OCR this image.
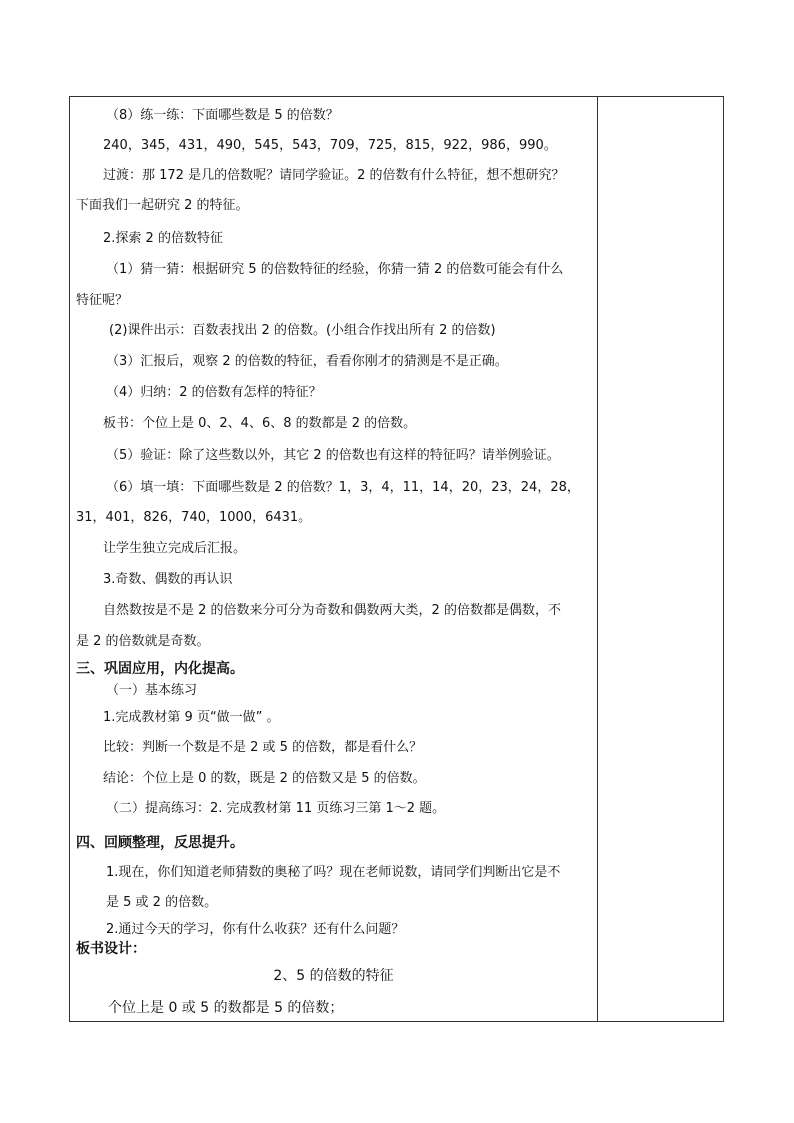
（8）练一练：下面哪些数是 5 的倍数？
240，345，431，490，545，543，709，725，815，922，986，990。
过渡：那 172 是几的倍数呢？请同学验证。2 的倍数有什么特征，想不想研究？
下面我们一起研究 2 的特征。
2.探索 2 的倍数特征
（1）猜一猜：根据研究 5 的倍数特征的经验，你猜一猜 2 的倍数可能会有什么
特征呢？
(2)课件出示：百数表找出 2 的倍数。(小组合作找出所有 2 的倍数)
（3）汇报后，观察 2 的倍数的特征，看看你刚才的猜测是不是正确。
（4）归纳：2 的倍数有怎样的特征？
板书：个位上是 0、2、4、6、8 的数都是 2 的倍数。
（5）验证：除了这些数以外，其它 2 的倍数也有这样的特征吗？请举例验证。
（6）填一填：下面哪些数是 2 的倍数？1，3，4，11，14，20，23，24，28，
31，401，826，740，1000，6431。
让学生独立完成后汇报。
3.奇数、偶数的再认识
自然数按是不是 2 的倍数来分可分为奇数和偶数两大类，2 的倍数都是偶数，不
是 2 的倍数就是奇数。
三、巩固应用，内化提高。
（一）基本练习
1.完成教材第 9 页“做一做” 。
比较：判断一个数是不是 2 或 5 的倍数，都是看什么？
结论：个位上是 0 的数，既是 2 的倍数又是 5 的倍数。
（二）提高练习：2. 完成教材第 11 页练习三第 1～2 题。
四、回顾整理，反思提升。
1.现在，你们知道老师猜数的奥秘了吗？现在老师说数，请同学们判断出它是不
是 5 或 2 的倍数。
2.通过今天的学习，你有什么收获？还有什么问题？
板书设计：
2、5 的倍数的特征
个位上是 0 或 5 的数都是 5 的倍数；
